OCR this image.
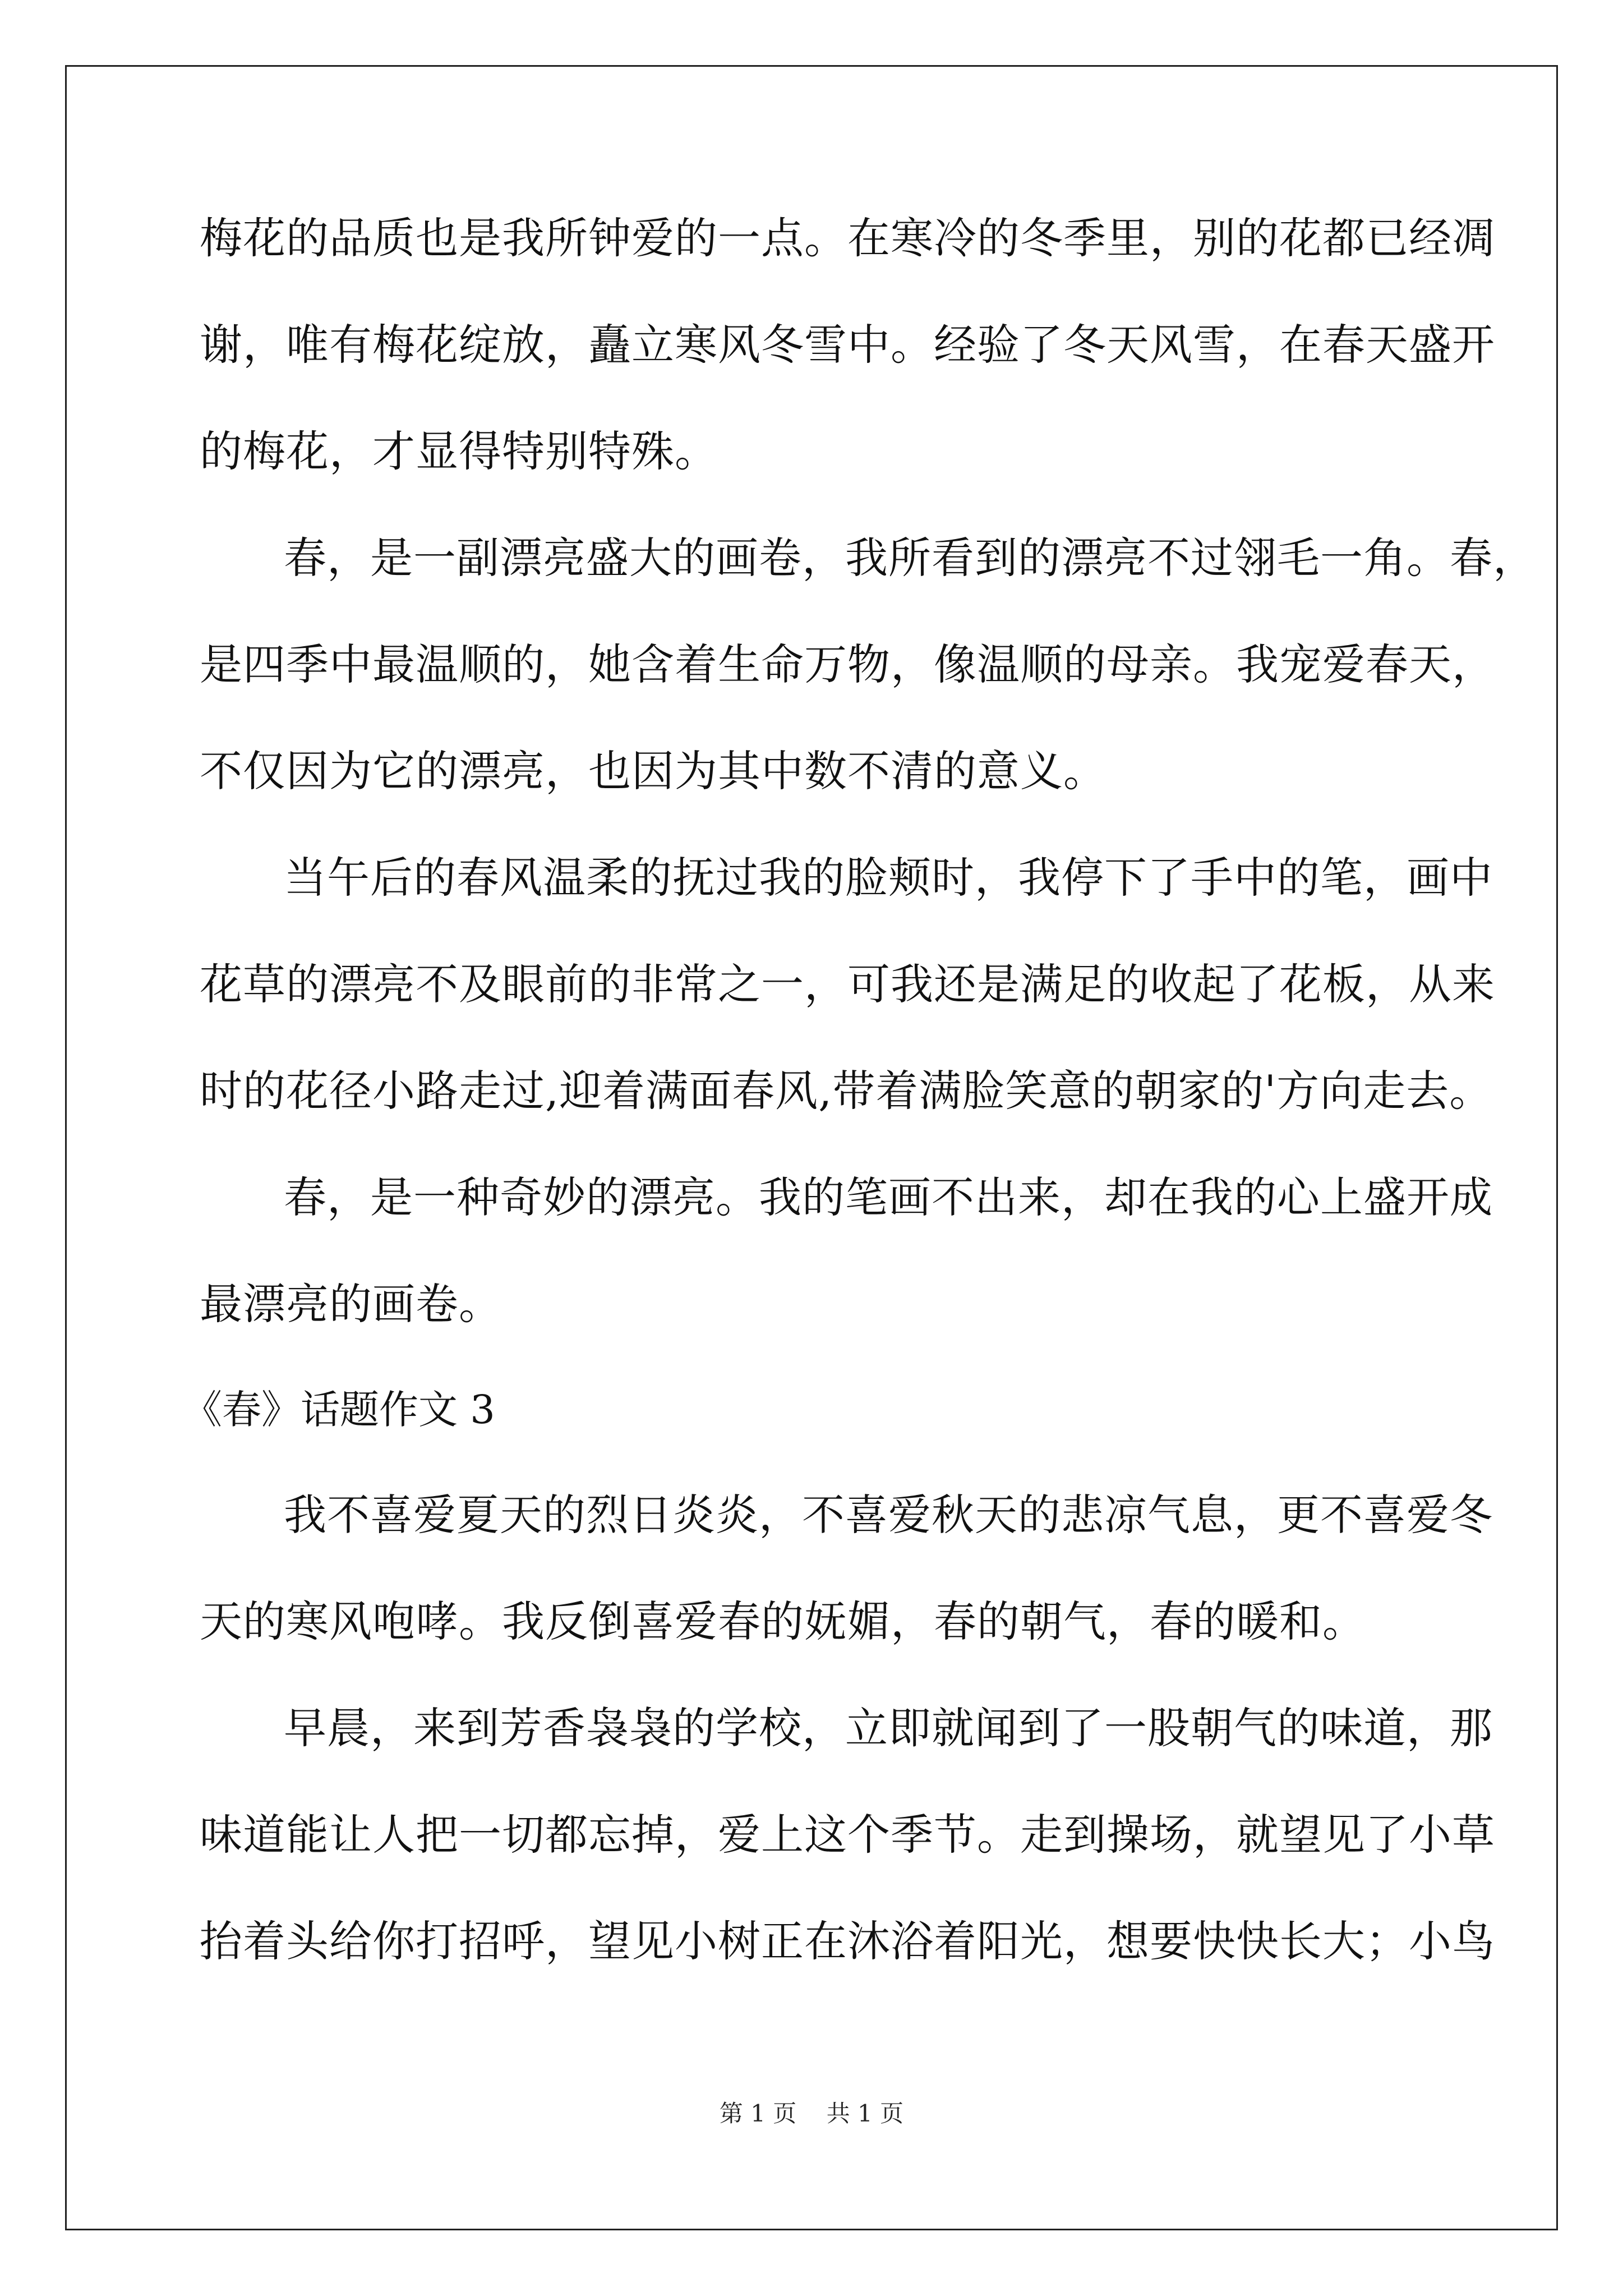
梅花的品质也是我所钟爱的一点。在寒冷的冬季里，别的花都已经凋
谢，唯有梅花绽放，矗立寒风冬雪中。经验了冬天风雪，在春天盛开
的梅花，才显得特别特殊。
春，是一副漂亮盛大的画卷，我所看到的漂亮不过翎毛一角。春，
是四季中最温顺的，她含着生命万物，像温顺的母亲。我宠爱春天，
不仅因为它的漂亮，也因为其中数不清的意义。
当午后的春风温柔的抚过我的脸颊时，我停下了手中的笔，画中
花草的漂亮不及眼前的非常之一，可我还是满足的收起了花板，从来
时的花径小路走过,迎着满面春风,带着满脸笑意的朝家的'方向走去。
春，是一种奇妙的漂亮。我的笔画不出来，却在我的心上盛开成
最漂亮的画卷。
《春》话题作文 3
我不喜爱夏天的烈日炎炎，不喜爱秋天的悲凉气息，更不喜爱冬
天的寒风咆哮。我反倒喜爱春的妩媚，春的朝气，春的暖和。
早晨，来到芳香袅袅的学校，立即就闻到了一股朝气的味道，那
味道能让人把一切都忘掉，爱上这个季节。走到操场，就望见了小草
抬着头给你打招呼，望见小树正在沐浴着阳光，想要快快长大；小鸟
第 1 页    共 1 页
